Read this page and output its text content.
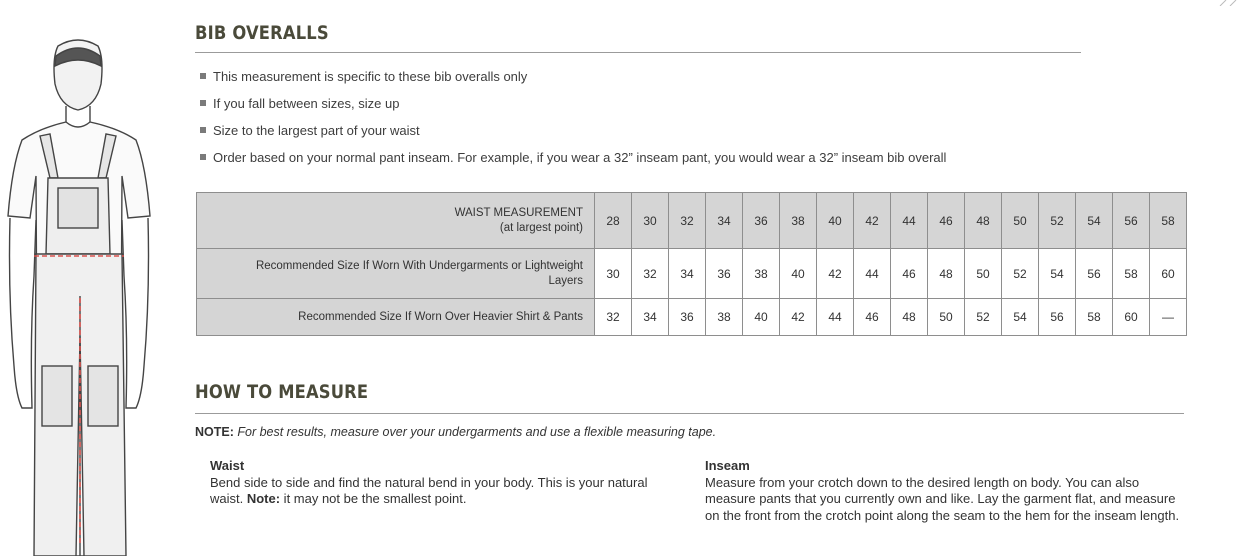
BIB OVERALLS
This measurement is specific to these bib overalls only
If you fall between sizes, size up
Size to the largest part of your waist
Order based on your normal pant inseam. For example, if you wear a 32” inseam pant, you would wear a 32” inseam bib overall
WAIST MEASUREMENT
(at largest point)	28	30	32	34	36	38	40	42	44	46	48	50	52	54	56	58
Recommended Size If Worn With Undergarments or Lightweight
Layers	30	32	34	36	38	40	42	44	46	48	50	52	54	56	58	60
Recommended Size If Worn Over Heavier Shirt & Pants	32	34	36	38	40	42	44	46	48	50	52	54	56	58	60	—
HOW TO MEASURE
NOTE: For best results, measure over your undergarments and use a flexible measuring tape.
Waist
Bend side to side and find the natural bend in your body. This is your natural waist. Note: it may not be the smallest point.
Inseam
Measure from your crotch down to the desired length on body. You can also measure pants that you currently own and like. Lay the garment flat, and measure on the front from the crotch point along the seam to the hem for the inseam length.
